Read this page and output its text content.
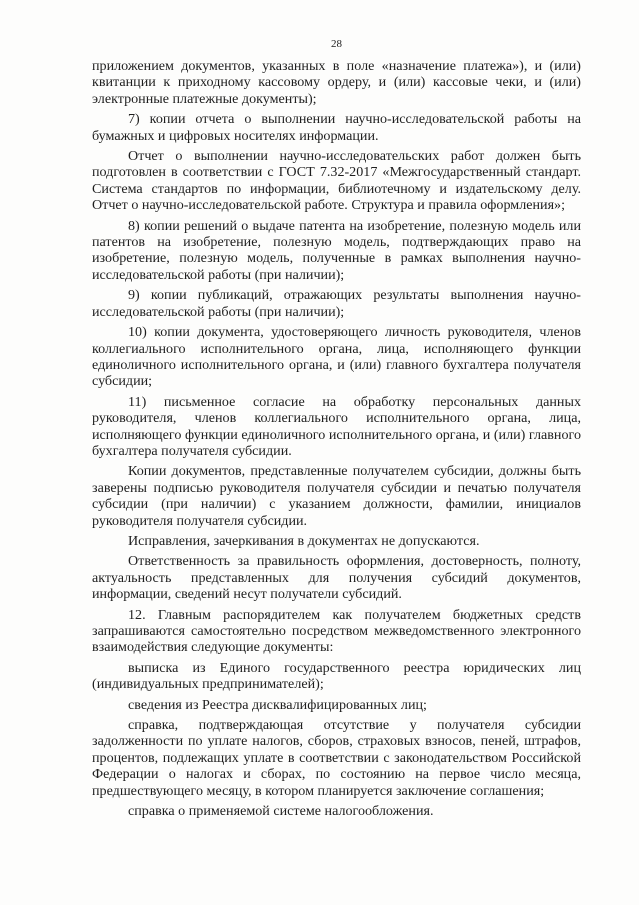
28

приложением документов, указанных в поле «назначение платежа»), и (или) квитанции к приходному кассовому ордеру, и (или) кассовые чеки, и (или) электронные платежные документы);

7) копии отчета о выполнении научно-исследовательской работы на бумажных и цифровых носителях информации.

Отчет о выполнении научно-исследовательских работ должен быть подготовлен в соответствии с ГОСТ 7.32-2017 «Межгосударственный стандарт. Система стандартов по информации, библиотечному и издательскому делу. Отчет о научно-исследовательской работе. Структура и правила оформления»;

8) копии решений о выдаче патента на изобретение, полезную модель или патентов на изобретение, полезную модель, подтверждающих право на изобретение, полезную модель, полученные в рамках выполнения научно-исследовательской работы (при наличии);

9) копии публикаций, отражающих результаты выполнения научно-исследовательской работы (при наличии);

10) копии документа, удостоверяющего личность руководителя, членов коллегиального исполнительного органа, лица, исполняющего функции единоличного исполнительного органа, и (или) главного бухгалтера получателя субсидии;

11) письменное согласие на обработку персональных данных руководителя, членов коллегиального исполнительного органа, лица, исполняющего функции единоличного исполнительного органа, и (или) главного бухгалтера получателя субсидии.

Копии документов, представленные получателем субсидии, должны быть заверены подписью руководителя получателя субсидии и печатью получателя субсидии (при наличии) с указанием должности, фамилии, инициалов руководителя получателя субсидии.

Исправления, зачеркивания в документах не допускаются.

Ответственность за правильность оформления, достоверность, полноту, актуальность представленных для получения субсидий документов, информации, сведений несут получатели субсидий.

12. Главным распорядителем как получателем бюджетных средств запрашиваются самостоятельно посредством межведомственного электронного взаимодействия следующие документы:

выписка из Единого государственного реестра юридических лиц (индивидуальных предпринимателей);

сведения из Реестра дисквалифицированных лиц;

справка, подтверждающая отсутствие у получателя субсидии задолженности по уплате налогов, сборов, страховых взносов, пеней, штрафов, процентов, подлежащих уплате в соответствии с законодательством Российской Федерации о налогах и сборах, по состоянию на первое число месяца, предшествующего месяцу, в котором планируется заключение соглашения;

справка о применяемой системе налогообложения.
